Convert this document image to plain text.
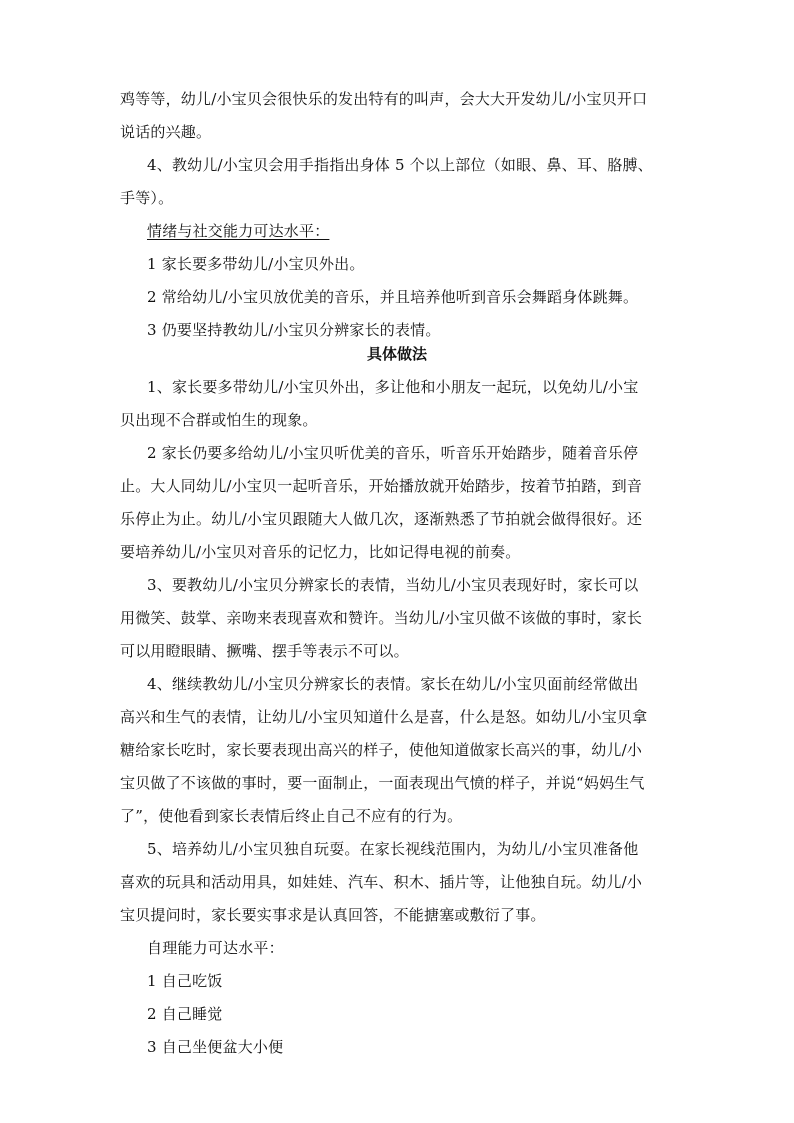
鸡等等，幼儿/小宝贝会很快乐的发出特有的叫声，会大大开发幼儿/小宝贝开口
说话的兴趣。
4、教幼儿/小宝贝会用手指指出身体 5 个以上部位（如眼、鼻、耳、胳膊、
手等）。
情绪与社交能力可达水平：
1 家长要多带幼儿/小宝贝外出。
2 常给幼儿/小宝贝放优美的音乐，并且培养他听到音乐会舞蹈身体跳舞。
3 仍要坚持教幼儿/小宝贝分辨家长的表情。
具体做法
1、家长要多带幼儿/小宝贝外出，多让他和小朋友一起玩，以免幼儿/小宝
贝出现不合群或怕生的现象。
2 家长仍要多给幼儿/小宝贝听优美的音乐，听音乐开始踏步，随着音乐停
止。大人同幼儿/小宝贝一起听音乐，开始播放就开始踏步，按着节拍踏，到音
乐停止为止。幼儿/小宝贝跟随大人做几次，逐渐熟悉了节拍就会做得很好。还
要培养幼儿/小宝贝对音乐的记忆力，比如记得电视的前奏。
3、要教幼儿/小宝贝分辨家长的表情，当幼儿/小宝贝表现好时，家长可以
用微笑、鼓掌、亲吻来表现喜欢和赞许。当幼儿/小宝贝做不该做的事时，家长
可以用瞪眼睛、撅嘴、摆手等表示不可以。
4、继续教幼儿/小宝贝分辨家长的表情。家长在幼儿/小宝贝面前经常做出
高兴和生气的表情，让幼儿/小宝贝知道什么是喜，什么是怒。如幼儿/小宝贝拿
糖给家长吃时，家长要表现出高兴的样子，使他知道做家长高兴的事，幼儿/小
宝贝做了不该做的事时，要一面制止，一面表现出气愤的样子，并说“妈妈生气
了”，使他看到家长表情后终止自己不应有的行为。
5、培养幼儿/小宝贝独自玩耍。在家长视线范围内，为幼儿/小宝贝准备他
喜欢的玩具和活动用具，如娃娃、汽车、积木、插片等，让他独自玩。幼儿/小
宝贝提问时，家长要实事求是认真回答，不能搪塞或敷衍了事。
自理能力可达水平：
1 自己吃饭
2 自己睡觉
3 自己坐便盆大小便
